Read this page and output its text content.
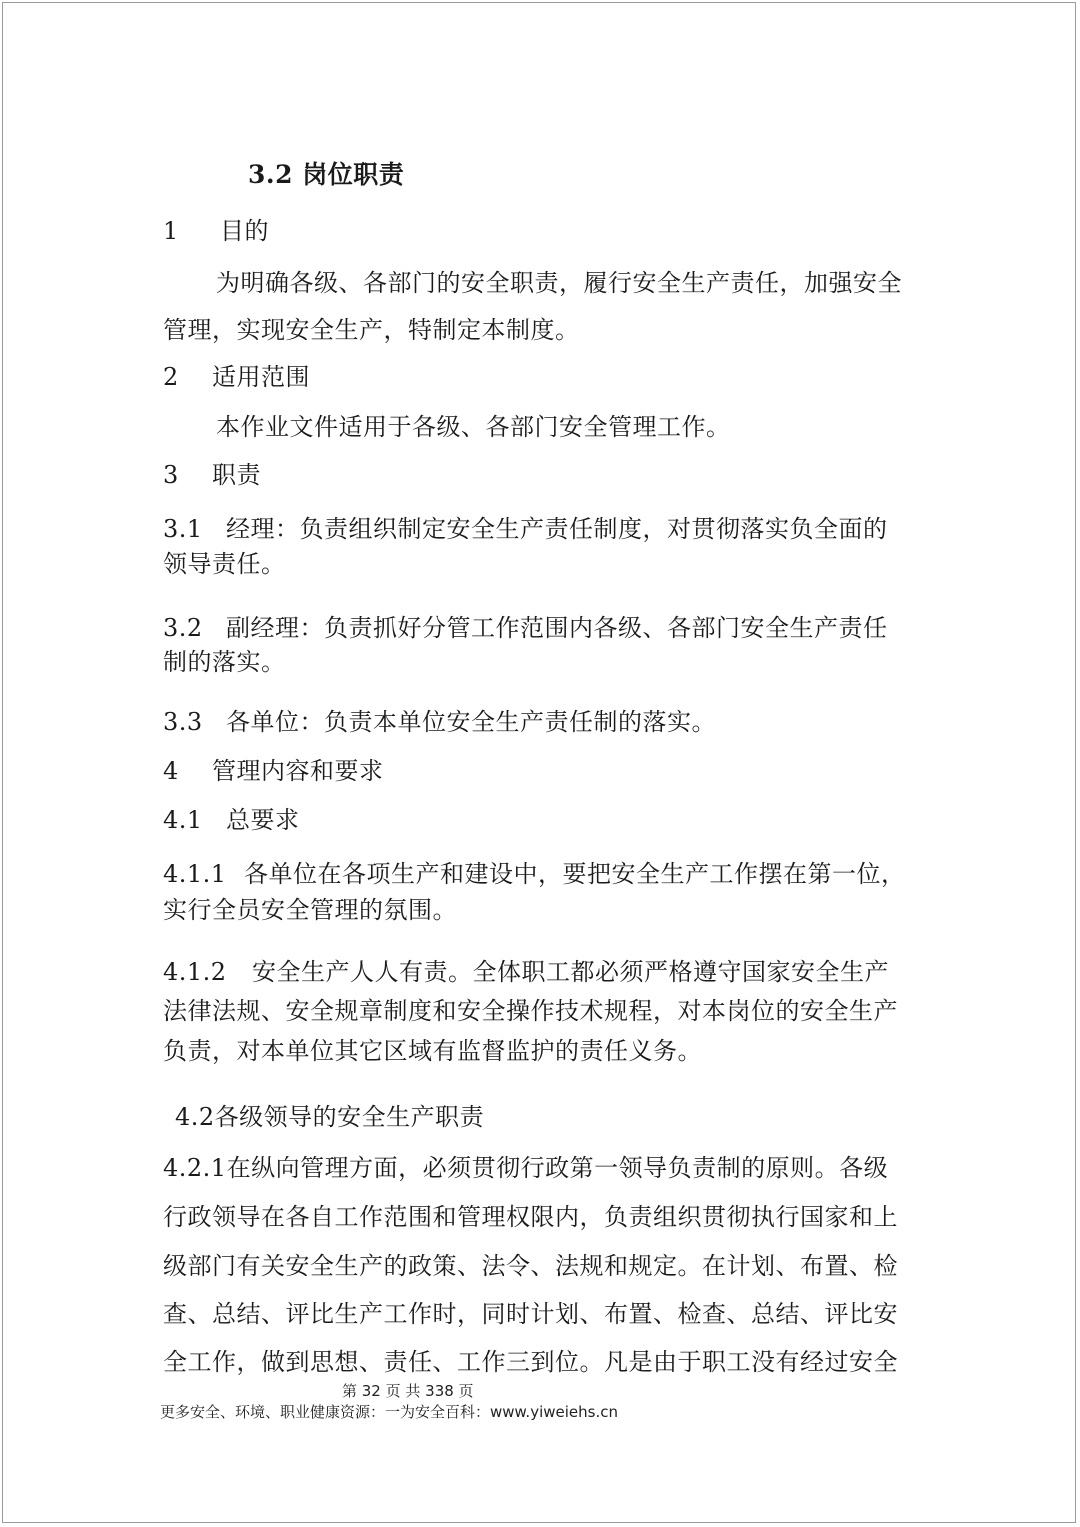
3.2 岗位职责
1 目的
为明确各级、各部门的安全职责，履行安全生产责任，加强安全
管理，实现安全生产，特制定本制度。
2 适用范围
本作业文件适用于各级、各部门安全管理工作。
3 职责
3.1 经理：负责组织制定安全生产责任制度，对贯彻落实负全面的
领导责任。
3.2 副经理：负责抓好分管工作范围内各级、各部门安全生产责任
制的落实。
3.3 各单位：负责本单位安全生产责任制的落实。
4 管理内容和要求
4.1 总要求
4.1.1 各单位在各项生产和建设中，要把安全生产工作摆在第一位，
实行全员安全管理的氛围。
4.1.2 安全生产人人有责。全体职工都必须严格遵守国家安全生产
法律法规、安全规章制度和安全操作技术规程，对本岗位的安全生产
负责，对本单位其它区域有监督监护的责任义务。
4.2各级领导的安全生产职责
4.2.1在纵向管理方面，必须贯彻行政第一领导负责制的原则。各级
行政领导在各自工作范围和管理权限内，负责组织贯彻执行国家和上
级部门有关安全生产的政策、法令、法规和规定。在计划、布置、检
查、总结、评比生产工作时，同时计划、布置、检查、总结、评比安
全工作，做到思想、责任、工作三到位。凡是由于职工没有经过安全
第 32 页 共 338 页
更多安全、环境、职业健康资源：一为安全百科：www.yiweiehs.cn
